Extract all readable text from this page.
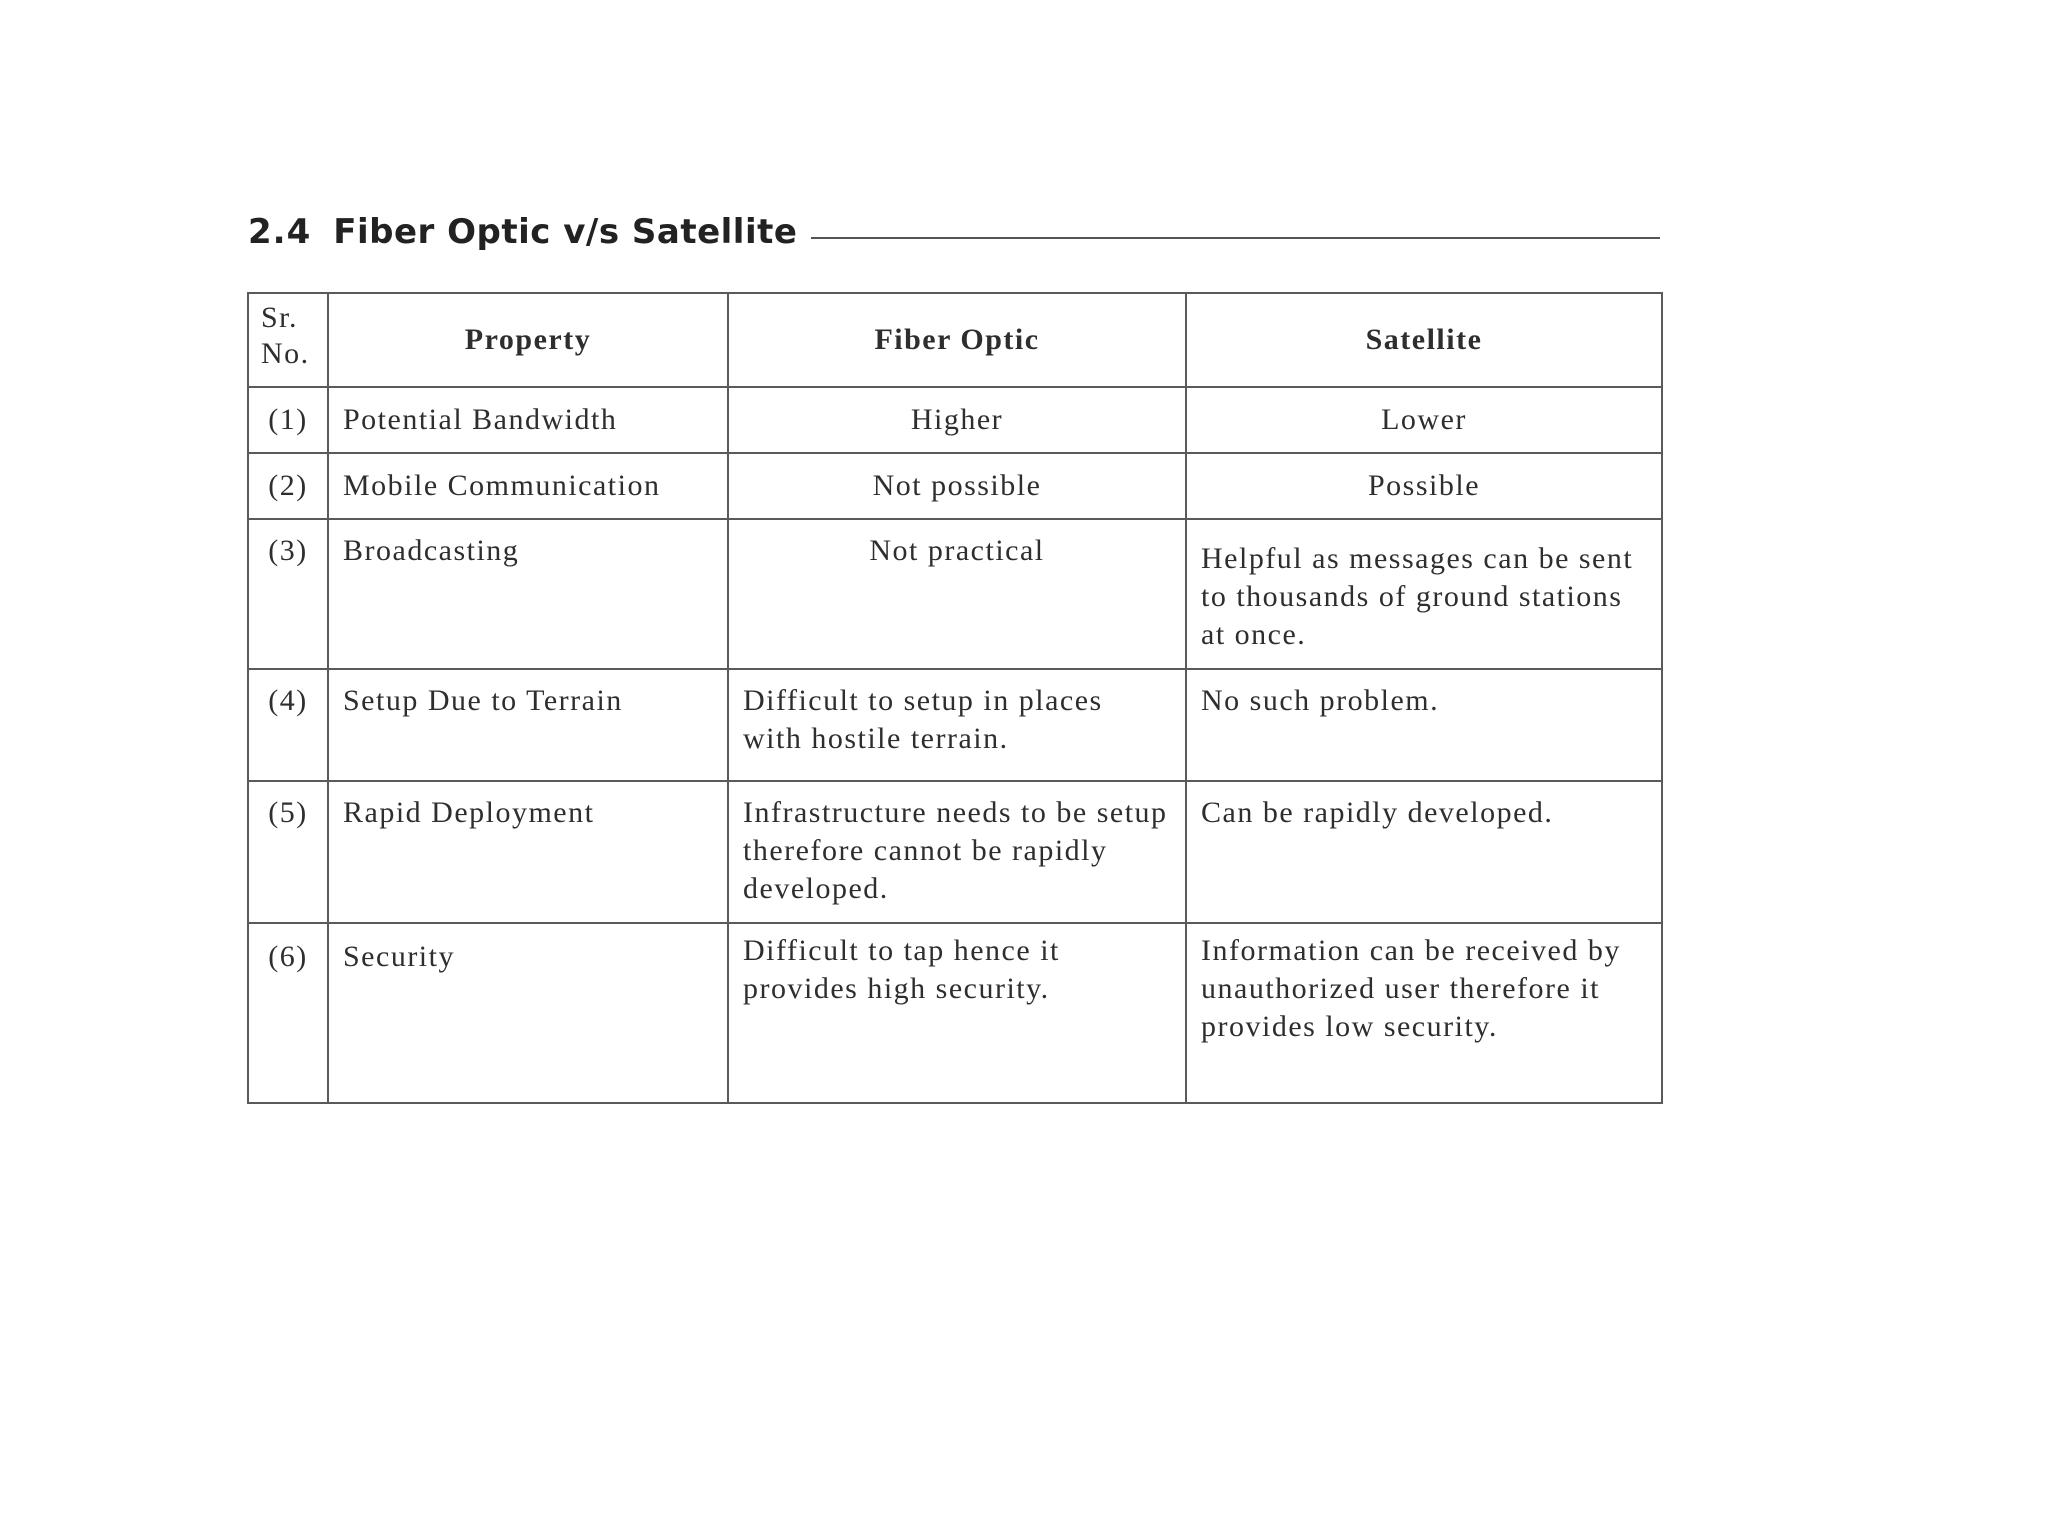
2.4 Fiber Optic v/s Satellite
Sr. No.	Property	Fiber Optic	Satellite
(1)	Potential Bandwidth	Higher	Lower
(2)	Mobile Communication	Not possible	Possible
(3)	Broadcasting	Not practical	Helpful as messages can be sent to thousands of ground stations at once.
(4)	Setup Due to Terrain	Difficult to setup in places with hostile terrain.	No such problem.
(5)	Rapid Deployment	Infrastructure needs to be setup therefore cannot be rapidly developed.	Can be rapidly developed.
(6)	Security	Difficult to tap hence it provides high security.	Information can be received by unauthorized user therefore it provides low security.
